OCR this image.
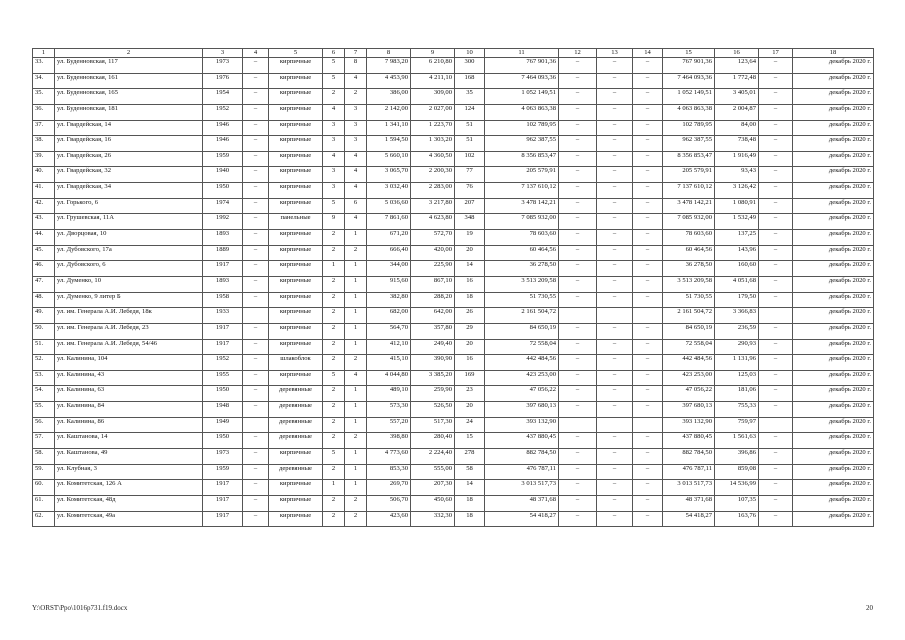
1	2	3	4	5	6	7	8	9	10	11	12	13	14	15	16	17	18
33.	ул. Буденновская, 117	1973	–	кирпичные	5	8	7 983,20	6 210,80	300	767 901,36	–	–	–	767 901,36	123,64	–	декабрь 2020 г.
34.	ул. Буденновская, 161	1976	–	кирпичные	5	4	4 453,90	4 211,10	168	7 464 093,36	–	–	–	7 464 093,36	1 772,48	–	декабрь 2020 г.
35.	ул. Буденновская, 165	1954	–	кирпичные	2	2	386,00	309,00	35	1 052 149,51	–	–	–	1 052 149,51	3 405,01	–	декабрь 2020 г.
36.	ул. Буденновская, 181	1952	–	кирпичные	4	3	2 142,00	2 027,00	124	4 063 863,38	–	–	–	4 063 863,38	2 004,87	–	декабрь 2020 г.
37.	ул. Гвардейская, 14	1946	–	кирпичные	3	3	1 341,10	1 223,70	51	102 789,95	–	–	–	102 789,95	84,00	–	декабрь 2020 г.
38.	ул. Гвардейская, 16	1946	–	кирпичные	3	3	1 594,50	1 303,20	51	962 387,55	–	–	–	962 387,55	738,48	–	декабрь 2020 г.
39.	ул. Гвардейская, 26	1959	–	кирпичные	4	4	5 660,10	4 360,50	102	8 356 853,47	–	–	–	8 356 853,47	1 916,49	–	декабрь 2020 г.
40.	ул. Гвардейская, 32	1940	–	кирпичные	3	4	3 065,70	2 200,30	77	205 579,91	–	–	–	205 579,91	93,43	–	декабрь 2020 г.
41.	ул. Гвардейская, 34	1950	–	кирпичные	3	4	3 032,40	2 283,00	76	7 137 610,12	–	–	–	7 137 610,12	3 126,42	–	декабрь 2020 г.
42.	ул. Горького, 6	1974	–	кирпичные	5	6	5 036,60	3 217,80	207	3 478 142,21	–	–	–	3 478 142,21	1 080,91	–	декабрь 2020 г.
43.	ул. Грушевская, 11А	1992	–	панельные	9	4	7 861,60	4 623,80	348	7 085 932,00	–	–	–	7 085 932,00	1 532,49	–	декабрь 2020 г.
44.	ул. Дворцовая, 10	1893	–	кирпичные	2	1	671,20	572,70	19	78 603,60	–	–	–	78 603,60	137,25	–	декабрь 2020 г.
45.	ул. Дубовского, 17а	1889	–	кирпичные	2	2	666,40	420,00	20	60 464,56	–	–	–	60 464,56	143,96	–	декабрь 2020 г.
46.	ул. Дубовского, 6	1917	–	кирпичные	1	1	344,00	225,90	14	36 278,50	–	–	–	36 278,50	160,60	–	декабрь 2020 г.
47.	ул. Думенко, 10	1893	–	кирпичные	2	1	915,60	867,10	16	3 513 209,58	–	–	–	3 513 209,58	4 051,68	–	декабрь 2020 г.
48.	ул. Думенко, 9 литер Б	1958	–	кирпичные	2	1	382,80	288,20	18	51 730,55	–	–	–	51 730,55	179,50	–	декабрь 2020 г.
49.	ул. им. Генерала А.И. Лебедя, 18к	1933		кирпичные	2	1	682,00	642,00	26	2 161 504,72				2 161 504,72	3 366,83		декабрь 2020 г.
50.	ул. им. Генерала А.И. Лебедя, 23	1917	–	кирпичные	2	1	564,70	357,80	29	84 650,19	–	–	–	84 650,19	236,59	–	декабрь 2020 г.
51.	ул. им. Генерала А.И. Лебедя, 54/46	1917	–	кирпичные	2	1	412,10	249,40	20	72 558,04	–	–	–	72 558,04	290,93	–	декабрь 2020 г.
52.	ул. Калинина, 104	1952	–	шлакоблок	2	2	415,10	390,90	16	442 484,56	–	–	–	442 484,56	1 131,96	–	декабрь 2020 г.
53.	ул. Калинина, 43	1955	–	кирпичные	5	4	4 044,80	3 385,20	169	423 253,00	–	–	–	423 253,00	125,03	–	декабрь 2020 г.
54.	ул. Калинина, 63	1950	–	деревянные	2	1	489,10	259,90	23	47 056,22	–	–	–	47 056,22	181,06	–	декабрь 2020 г.
55.	ул. Калинина, 84	1948	–	деревянные	2	1	573,30	526,50	20	397 680,13	–	–	–	397 680,13	755,33	–	декабрь 2020 г.
56.	ул. Калинина, 86	1949		деревянные	2	1	557,20	517,30	24	393 132,90				393 132,90	759,97		декабрь 2020 г.
57.	ул. Каштанова, 14	1950	–	деревянные	2	2	398,80	280,40	15	437 880,45	–	–	–	437 880,45	1 561,63	–	декабрь 2020 г.
58.	ул. Каштанова, 49	1973	–	кирпичные	5	1	4 773,60	2 224,40	278	882 784,50	–	–	–	882 784,50	396,86	–	декабрь 2020 г.
59.	ул. Клубная, 3	1959	–	деревянные	2	1	853,30	555,00	58	476 787,11	–	–	–	476 787,11	859,08	–	декабрь 2020 г.
60.	ул. Комитетская, 126 А	1917	–	кирпичные	1	1	269,70	207,30	14	3 013 517,73	–	–	–	3 013 517,73	14 536,99	–	декабрь 2020 г.
61.	ул. Комитетская, 48д	1917	–	кирпичные	2	2	506,70	450,60	18	48 371,68	–	–	–	48 371,68	107,35	–	декабрь 2020 г.
62.	ул. Комитетская, 49а	1917	–	кирпичные	2	2	423,60	332,30	18	54 418,27	–	–	–	54 418,27	163,76	–	декабрь 2020 г.
Y:\ORST\Ppo\1016p731.f19.docx	20
